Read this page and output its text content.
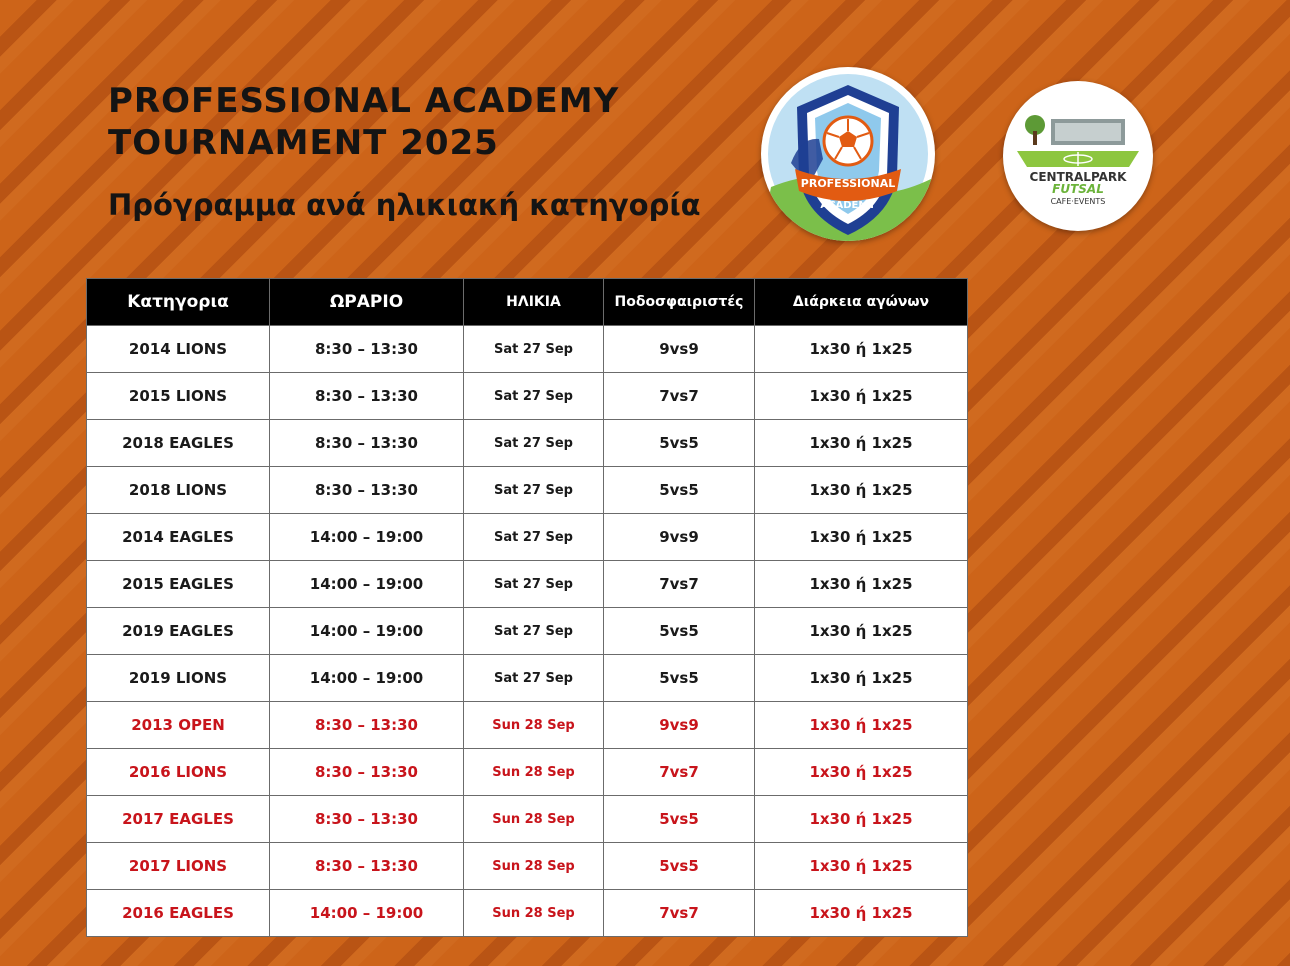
PROFESSIONAL ACADEMY
TOURNAMENT 2025
Πρόγραμμα ανά ηλικιακή κατηγορία
PROFESSIONAL
ACADEMY
CENTRALPARK
FUTSAL
CAFE·EVENTS
Κατηγορια	ΩΡΑΡΙΟ	ΗΛΙΚΙΑ	Ποδοσφαιριστές	Διάρκεια αγώνων
2014 LIONS	8:30 – 13:30	Sat 27 Sep	9vs9	1x30 ή 1x25
2015 LIONS	8:30 – 13:30	Sat 27 Sep	7vs7	1x30 ή 1x25
2018 EAGLES	8:30 – 13:30	Sat 27 Sep	5vs5	1x30 ή 1x25
2018 LIONS	8:30 – 13:30	Sat 27 Sep	5vs5	1x30 ή 1x25
2014 EAGLES	14:00 – 19:00	Sat 27 Sep	9vs9	1x30 ή 1x25
2015 EAGLES	14:00 – 19:00	Sat 27 Sep	7vs7	1x30 ή 1x25
2019 EAGLES	14:00 – 19:00	Sat 27 Sep	5vs5	1x30 ή 1x25
2019 LIONS	14:00 – 19:00	Sat 27 Sep	5vs5	1x30 ή 1x25
2013 OPEN	8:30 – 13:30	Sun 28 Sep	9vs9	1x30 ή 1x25
2016 LIONS	8:30 – 13:30	Sun 28 Sep	7vs7	1x30 ή 1x25
2017 EAGLES	8:30 – 13:30	Sun 28 Sep	5vs5	1x30 ή 1x25
2017 LIONS	8:30 – 13:30	Sun 28 Sep	5vs5	1x30 ή 1x25
2016 EAGLES	14:00 – 19:00	Sun 28 Sep	7vs7	1x30 ή 1x25
